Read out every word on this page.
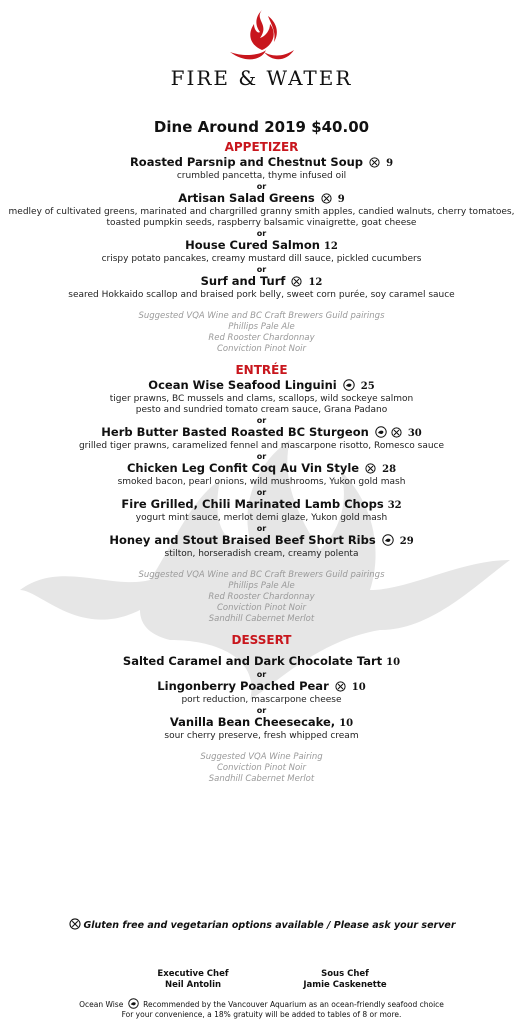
FIRE & WATER
Dine Around 2019 $40.00
APPETIZER
Roasted Parsnip and Chestnut Soup 9
crumbled pancetta, thyme infused oil
or
Artisan Salad Greens 9
medley of cultivated greens, marinated and chargrilled granny smith apples, candied walnuts, cherry tomatoes, toasted pumpkin seeds, raspberry balsamic vinaigrette, goat cheese
or
House Cured Salmon 12
crispy potato pancakes, creamy mustard dill sauce, pickled cucumbers
or
Surf and Turf 12
seared Hokkaido scallop and braised pork belly, sweet corn purée, soy caramel sauce
Suggested VQA Wine and BC Craft Brewers Guild pairings
Phillips Pale Ale
Red Rooster Chardonnay
Conviction Pinot Noir
ENTRÉE
Ocean Wise Seafood Linguini 25
tiger prawns, BC mussels and clams, scallops, wild sockeye salmon
pesto and sundried tomato cream sauce, Grana Padano
or
Herb Butter Basted Roasted BC Sturgeon	30
grilled tiger prawns, caramelized fennel and mascarpone risotto, Romesco sauce
or
Chicken Leg Confit Coq Au Vin Style 28
smoked bacon, pearl onions, wild mushrooms, Yukon gold mash
or
Fire Grilled, Chili Marinated Lamb Chops 32
yogurt mint sauce, merlot demi glaze, Yukon gold mash
or
Honey and Stout Braised Beef Short Ribs 29
stilton, horseradish cream, creamy polenta
Suggested VQA Wine and BC Craft Brewers Guild pairings
Phillips Pale Ale
Red Rooster Chardonnay
Conviction Pinot Noir
Sandhill Cabernet Merlot
DESSERT
Salted Caramel and Dark Chocolate Tart 10
or
Lingonberry Poached Pear 10
port reduction, mascarpone cheese
or
Vanilla Bean Cheesecake, 10
sour cherry preserve, fresh whipped cream
Suggested VQA Wine Pairing
Conviction Pinot Noir
Sandhill Cabernet Merlot
Gluten free and vegetarian options available / Please ask your server
Executive Chef
Neil Antolin
Sous Chef
Jamie Caskenette
Ocean Wise	Recommended by the Vancouver Aquarium as an ocean-friendly seafood choice
For your convenience, a 18% gratuity will be added to tables of 8 or more.
